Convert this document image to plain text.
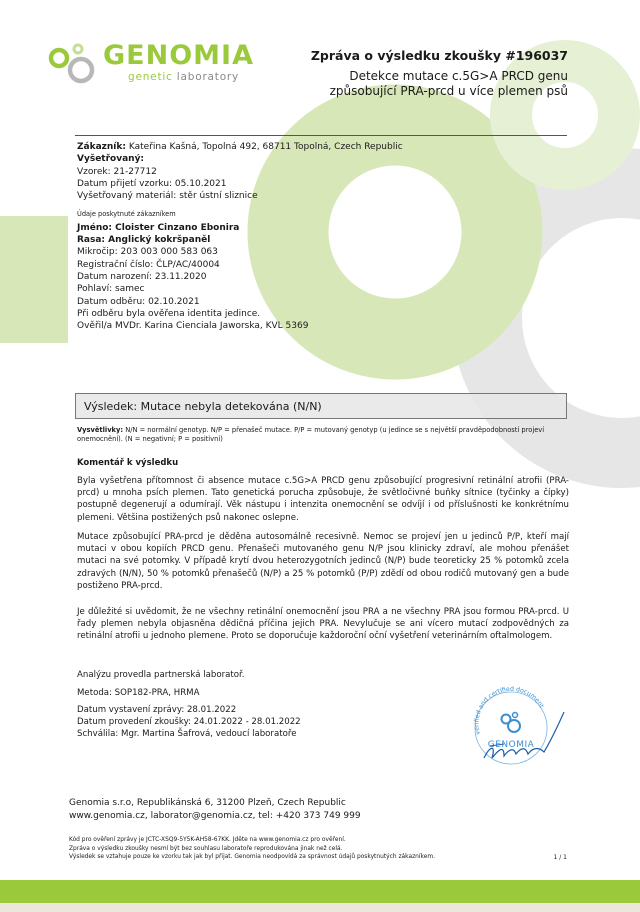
GENOMIA
genetic laboratory
Zpráva o výsledku zkoušky #196037
Detekce mutace c.5G>A PRCD genu
způsobující PRA-prcd u více plemen psů
Zákazník: Kateřina Kašná, Topolná 492, 68711 Topolná, Czech Republic
Vyšetřovaný:
Vzorek: 21-27712
Datum přijetí vzorku: 05.10.2021
Vyšetřovaný materiál: stěr ústní sliznice
Údaje poskytnuté zákazníkem
Jméno: Cloister Cinzano Ebonira
Rasa: Anglický kokršpaněl
Mikročip: 203 003 000 583 063
Registrační číslo: ČLP/AC/40004
Datum narození: 23.11.2020
Pohlaví: samec
Datum odběru: 02.10.2021
Při odběru byla ověřena identita jedince.
Ověřil/a MVDr. Karina Cienciala Jaworska, KVL 5369
Výsledek: Mutace nebyla detekována (N/N)
Vysvětlivky: N/N = normální genotyp. N/P = přenašeč mutace. P/P = mutovaný genotyp (u jedince se s největší pravděpodobností projeví onemocnění). (N = negativní; P = positivní)
Komentář k výsledku
Byla vyšetřena přítomnost či absence mutace c.5G>A PRCD genu způsobující progresivní retinální atrofii (PRA-prcd) u mnoha psích plemen. Tato genetická porucha způsobuje, že světločivné buňky sítnice (tyčinky a čípky) postupně degenerují a odumírají. Věk nástupu i intenzita onemocnění se odvíjí i od příslušnosti ke konkrétnímu plemeni. Většina postižených psů nakonec oslepne.
Mutace způsobující PRA-prcd je děděna autosomálně recesivně. Nemoc se projeví jen u jedinců P/P, kteří mají mutaci v obou kopiích PRCD genu. Přenašeči mutovaného genu N/P jsou klinicky zdraví, ale mohou přenášet mutaci na své potomky. V případě krytí dvou heterozygotních jedinců (N/P) bude teoreticky 25 % potomků zcela zdravých (N/N), 50 % potomků přenašečů (N/P) a 25 % potomků (P/P) zdědí od obou rodičů mutovaný gen a bude postiženo PRA-prcd.
Je důležité si uvědomit, že ne všechny retinální onemocnění jsou PRA a ne všechny PRA jsou formou PRA-prcd. U řady plemen nebyla objasněna dědičná příčina jejich PRA. Nevylučuje se ani vícero mutací zodpovědných za retinální atrofii u jednoho plemene. Proto se doporučuje každoroční oční vyšetření veterinárním oftalmologem.
Analýzu provedla partnerská laboratoř.
Metoda: SOP182-PRA, HRMA
Datum vystavení zprávy: 28.01.2022
Datum provedení zkoušky: 24.01.2022 - 28.01.2022
Schválila: Mgr. Martina Šafrová, vedoucí laboratoře	verified and certified document
GENOMIA
Genomia s.r.o, Republikánská 6, 31200 Plzeň, Czech Republic
www.genomia.cz, laborator@genomia.cz, tel: +420 373 749 999
Kód pro ověření zprávy je JCTC-XSQ9-5Y5K-AH58-67KK. Jděte na www.genomia.cz pro ověření.
Zpráva o výsledku zkoušky nesmí být bez souhlasu laboratoře reprodukována jinak než celá.
Výsledek se vztahuje pouze ke vzorku tak jak byl přijat. Genomia neodpovídá za správnost údajů poskytnutých zákazníkem.	1 / 1
